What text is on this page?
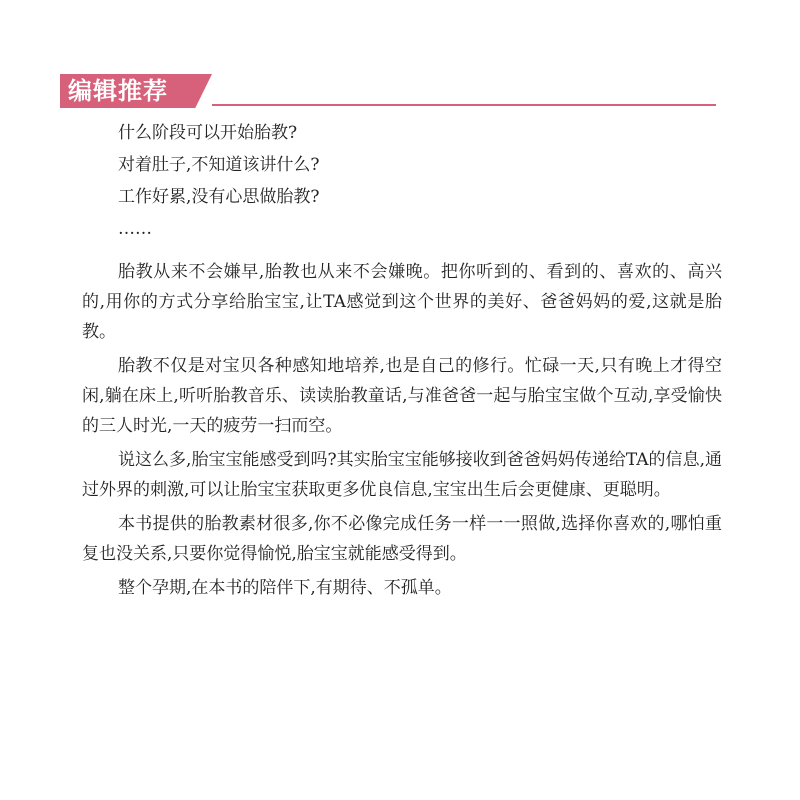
编辑推荐
什么阶段可以开始胎教?
对着肚子,不知道该讲什么?
工作好累,没有心思做胎教?
……

胎教从来不会嫌早,胎教也从来不会嫌晚。把你听到的、看到的、喜欢的、高兴的,用你的方式分享给胎宝宝,让TA感觉到这个世界的美好、爸爸妈妈的爱,这就是胎教。

胎教不仅是对宝贝各种感知地培养,也是自己的修行。忙碌一天,只有晚上才得空闲,躺在床上,听听胎教音乐、读读胎教童话,与准爸爸一起与胎宝宝做个互动,享受愉快的三人时光,一天的疲劳一扫而空。

说这么多,胎宝宝能感受到吗?其实胎宝宝能够接收到爸爸妈妈传递给TA的信息,通过外界的刺激,可以让胎宝宝获取更多优良信息,宝宝出生后会更健康、更聪明。

本书提供的胎教素材很多,你不必像完成任务一样一一照做,选择你喜欢的,哪怕重复也没关系,只要你觉得愉悦,胎宝宝就能感受得到。

整个孕期,在本书的陪伴下,有期待、不孤单。
